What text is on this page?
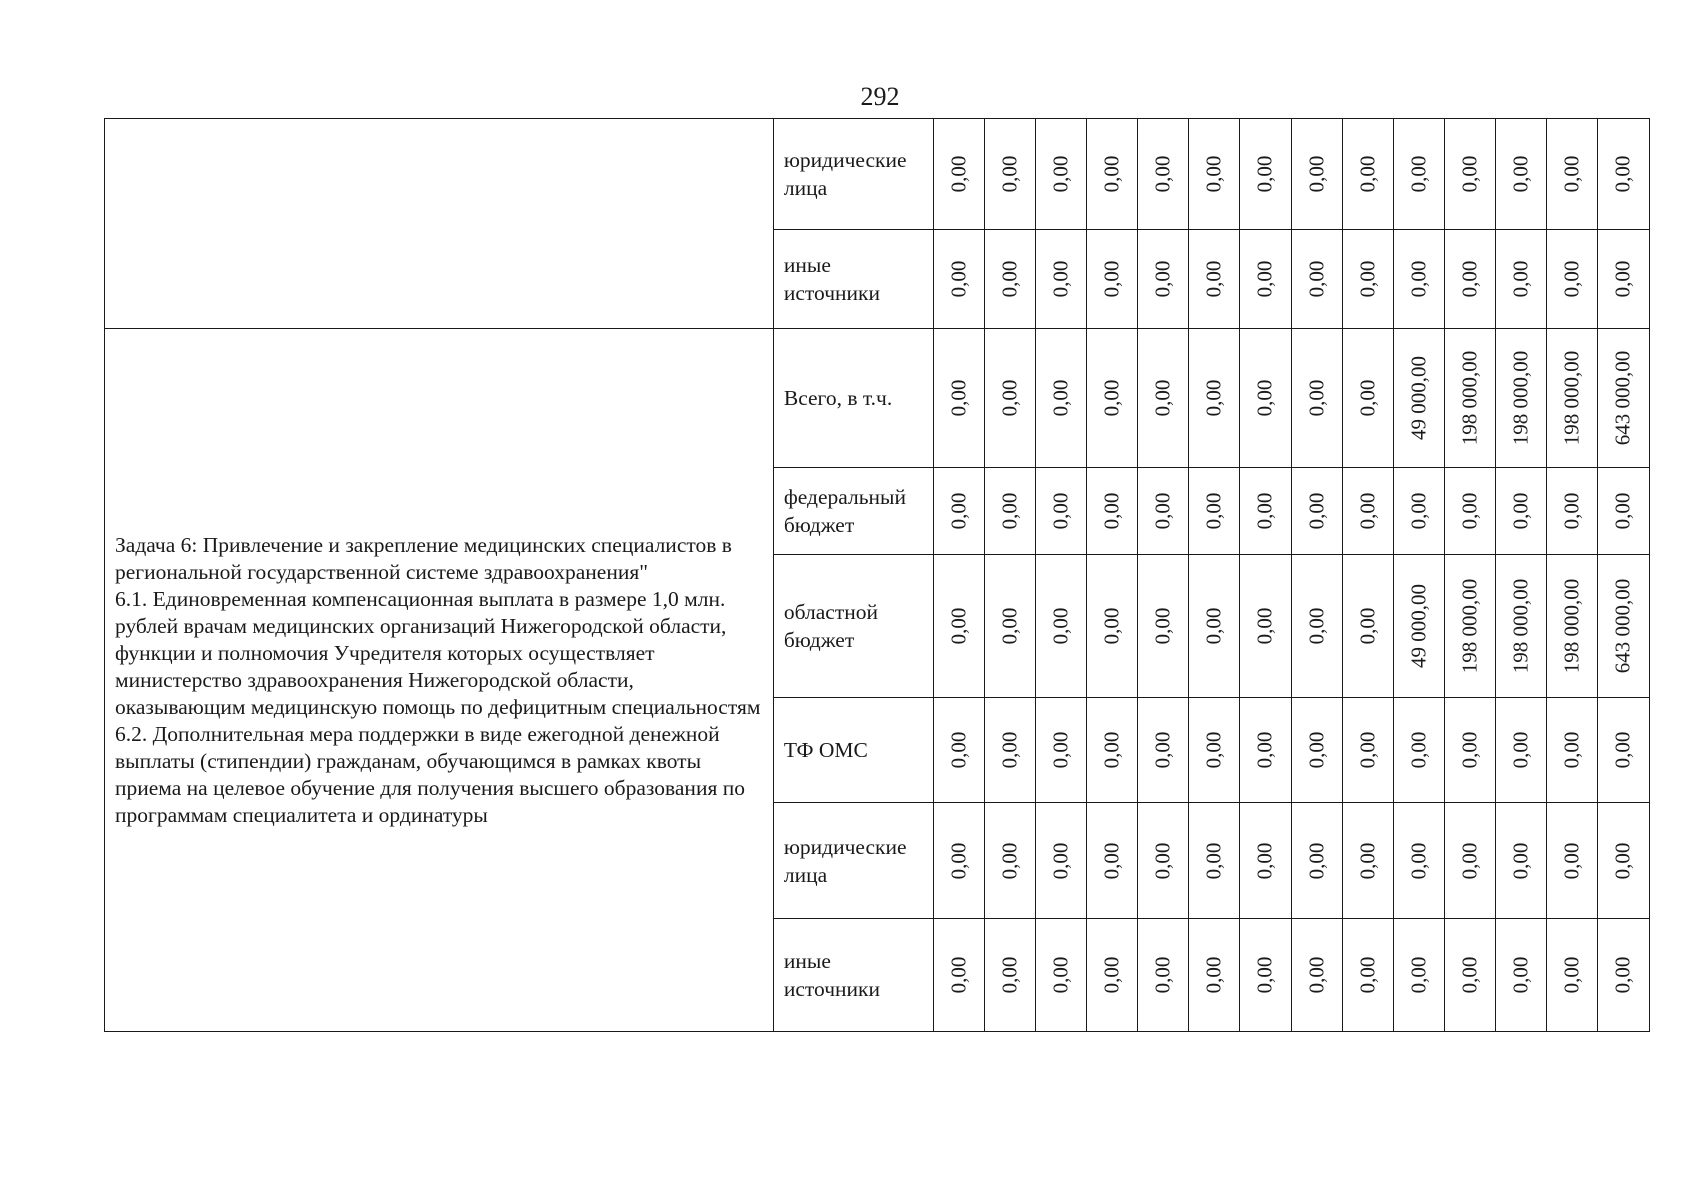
292
	юридические лица	0,00	0,00	0,00	0,00	0,00	0,00	0,00	0,00	0,00	0,00	0,00	0,00	0,00	0,00

	иные источники	0,00	0,00	0,00	0,00	0,00	0,00	0,00	0,00	0,00	0,00	0,00	0,00	0,00	0,00

Задача 6: Привлечение и закрепление медицинских специалистов в региональной государственной системе здравоохранения"

6.1. Единовременная компенсационная выплата в размере 1,0 млн. рублей врачам медицинских организаций Нижегородской области, функции и полномочия Учредителя которых осуществляет министерство здравоохранения Нижегородской области, оказывающим медицинскую помощь по дефицитным специальностям

6.2. Дополнительная мера поддержки в виде ежегодной денежной выплаты (стипендии) гражданам, обучающимся в рамках квоты приема на целевое обучение для получения высшего образования по программам специалитета и ординатуры	Всего, в т.ч.	0,00	0,00	0,00	0,00	0,00	0,00	0,00	0,00	0,00	49 000,00	198 000,00	198 000,00	198 000,00	643 000,00

	федеральный бюджет	0,00	0,00	0,00	0,00	0,00	0,00	0,00	0,00	0,00	0,00	0,00	0,00	0,00	0,00

	областной бюджет	0,00	0,00	0,00	0,00	0,00	0,00	0,00	0,00	0,00	49 000,00	198 000,00	198 000,00	198 000,00	643 000,00

	ТФ ОМС	0,00	0,00	0,00	0,00	0,00	0,00	0,00	0,00	0,00	0,00	0,00	0,00	0,00	0,00

	юридические лица	0,00	0,00	0,00	0,00	0,00	0,00	0,00	0,00	0,00	0,00	0,00	0,00	0,00	0,00

	иные источники	0,00	0,00	0,00	0,00	0,00	0,00	0,00	0,00	0,00	0,00	0,00	0,00	0,00	0,00
